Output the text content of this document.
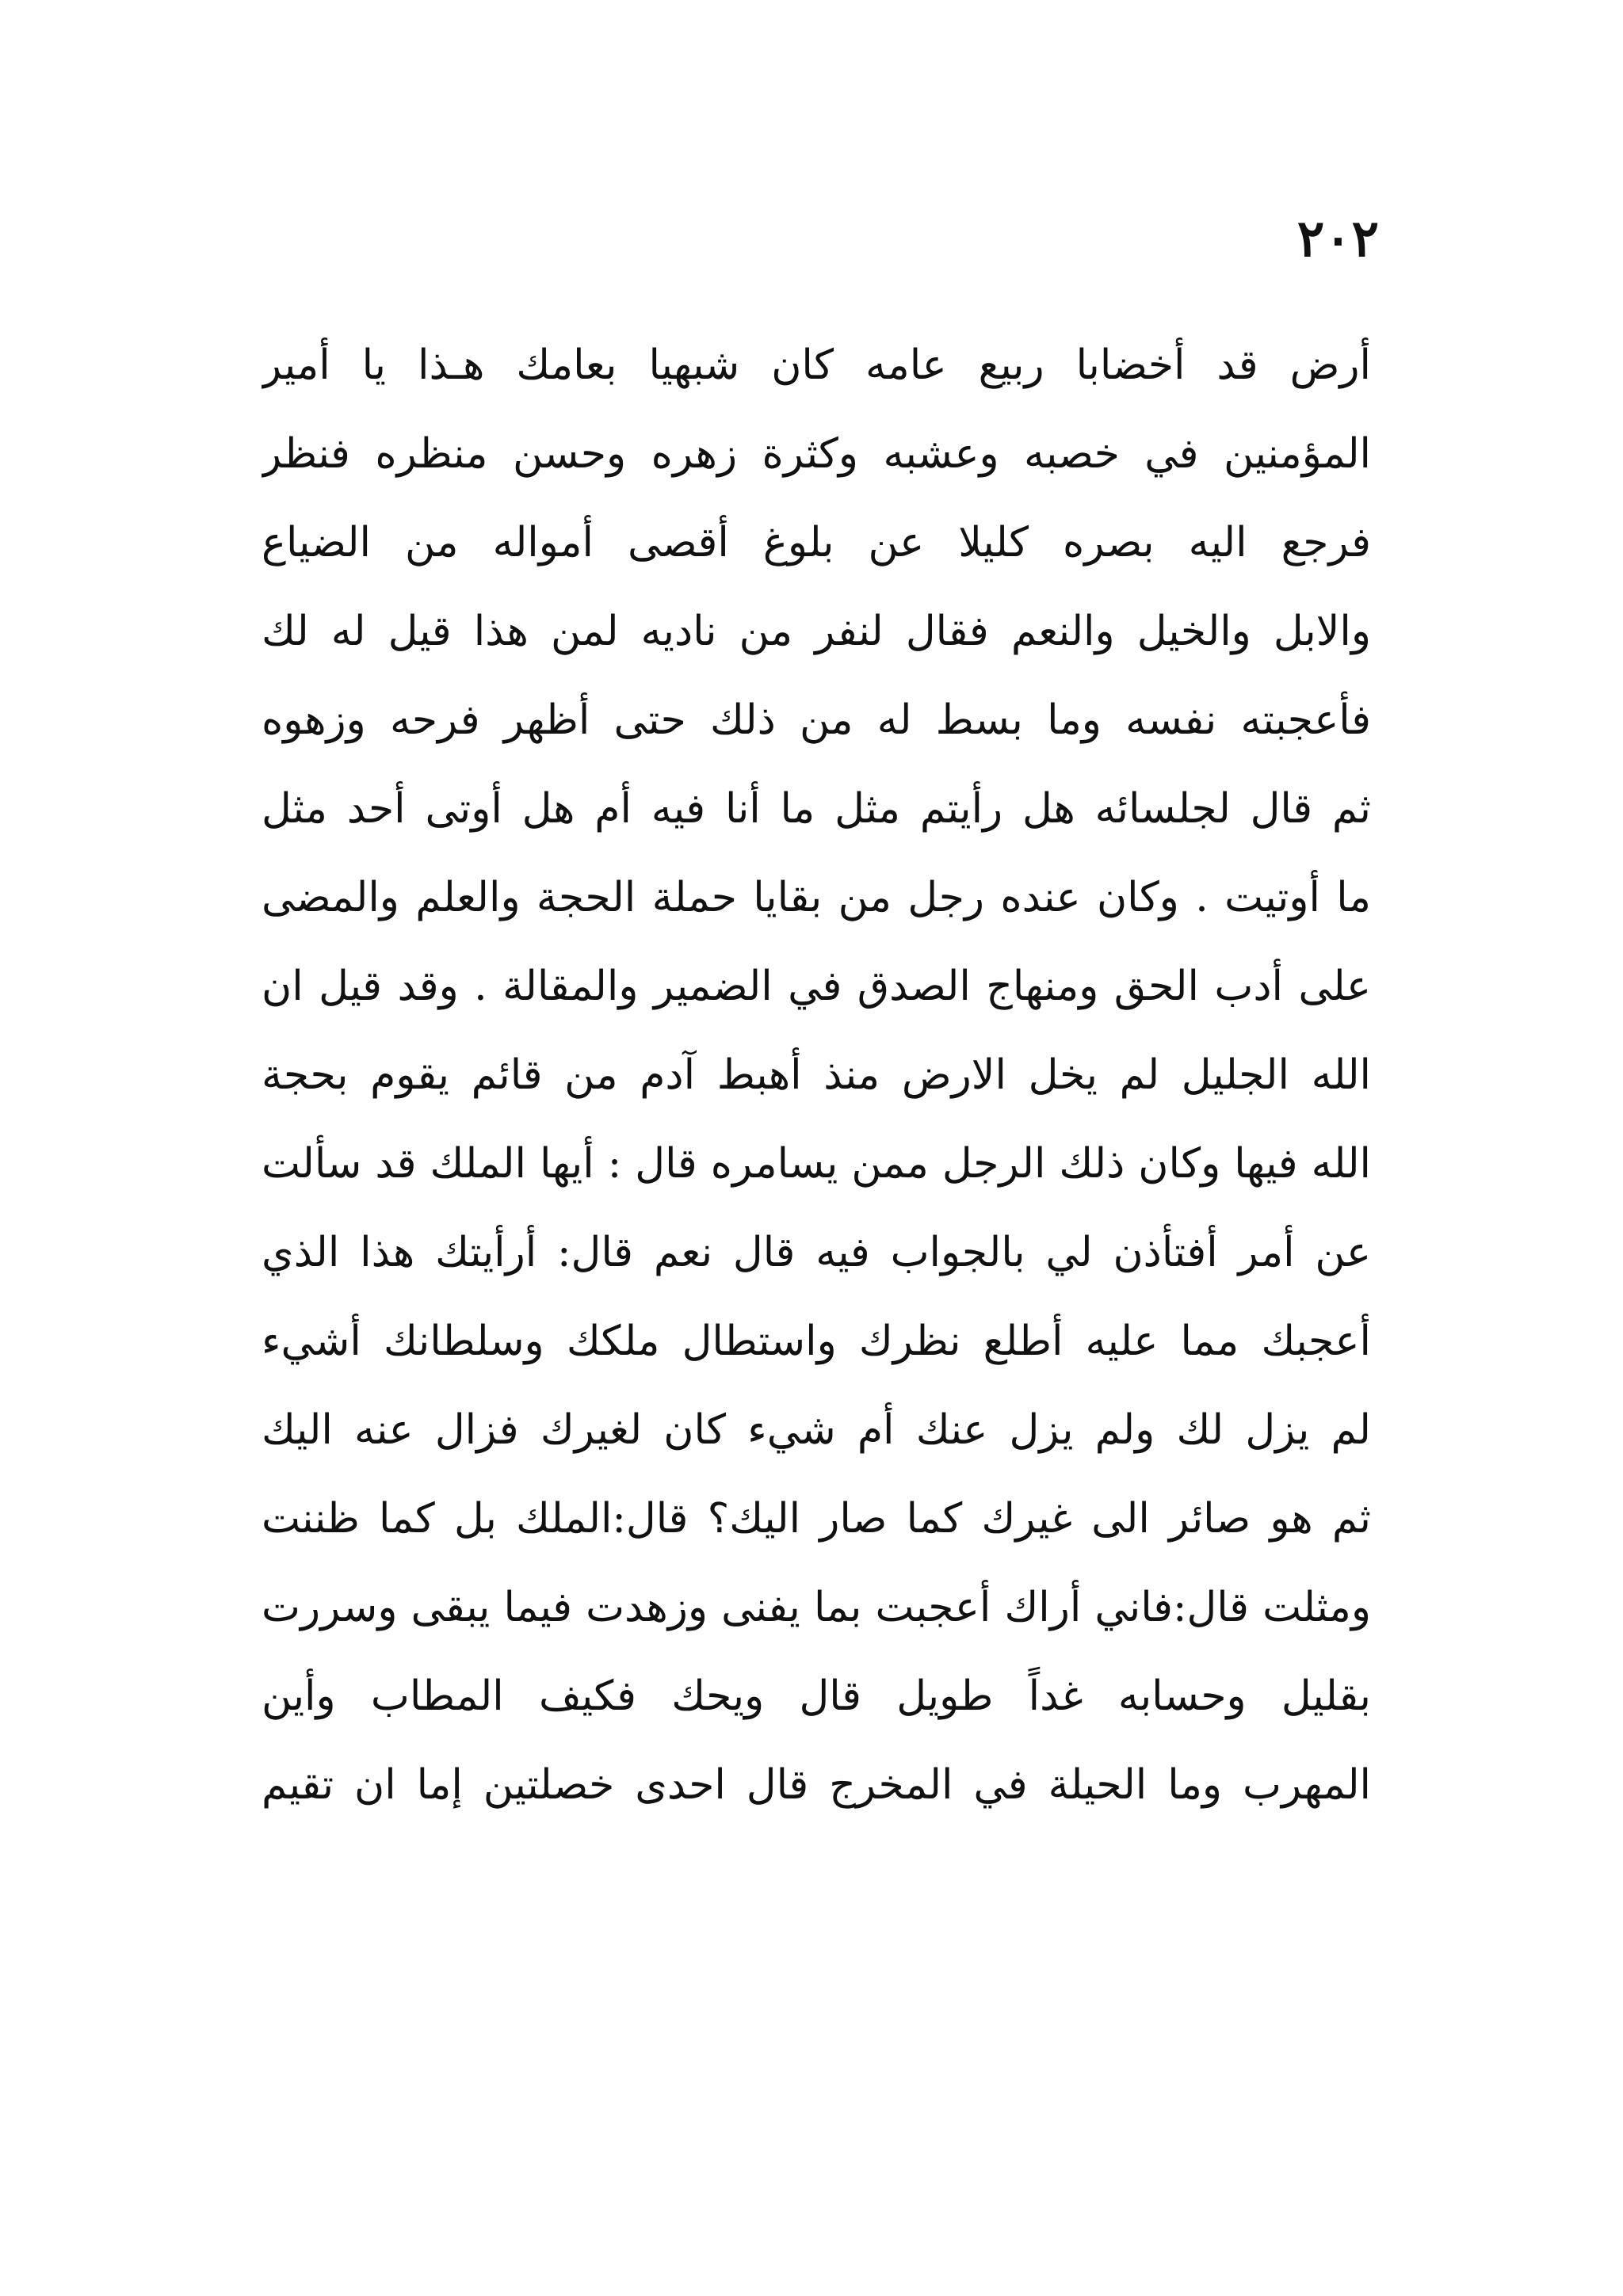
٢٠٢
أرض قد أخضابا ربيع عامه كان شبهيا بعامك هـذا يا أمير
المؤمنين في خصبه وعشبه وكثرة زهره وحسن منظره فنظر
فرجع اليه بصره كليلا عن بلوغ أقصى أمواله من الضياع
والابل والخيل والنعم فقال لنفر من ناديه لمن هذا قيل له لك
فأعجبته نفسه وما بسط له من ذلك حتى أظهر فرحه وزهوه
ثم قال لجلسائه هل رأيتم مثل ما أنا فيه أم هل أوتى أحد مثل
ما أوتيت . وكان عنده رجل من بقايا حملة الحجة والعلم والمضى
على أدب الحق ومنهاج الصدق في الضمير والمقالة . وقد قيل ان
الله الجليل لم يخل الارض منذ أهبط آدم من قائم يقوم بحجة
الله فيها وكان ذلك الرجل ممن يسامره قال : أيها الملك قد سألت
عن أمر أفتأذن لي بالجواب فيه قال نعم قال: أرأيتك هذا الذي
أعجبك مما عليه أطلع نظرك واستطال ملكك وسلطانك أشيء
لم يزل لك ولم يزل عنك أم شيء كان لغيرك فزال عنه اليك
ثم هو صائر الى غيرك كما صار اليك؟ قال:الملك بل كما ظننت
ومثلت قال:فاني أراك أعجبت بما يفنى وزهدت فيما يبقى وسررت
بقليل وحسابه غداً طويل قال ويحك فكيف المطاب وأين
المهرب وما الحيلة في المخرج قال احدى خصلتين إما ان تقيم
